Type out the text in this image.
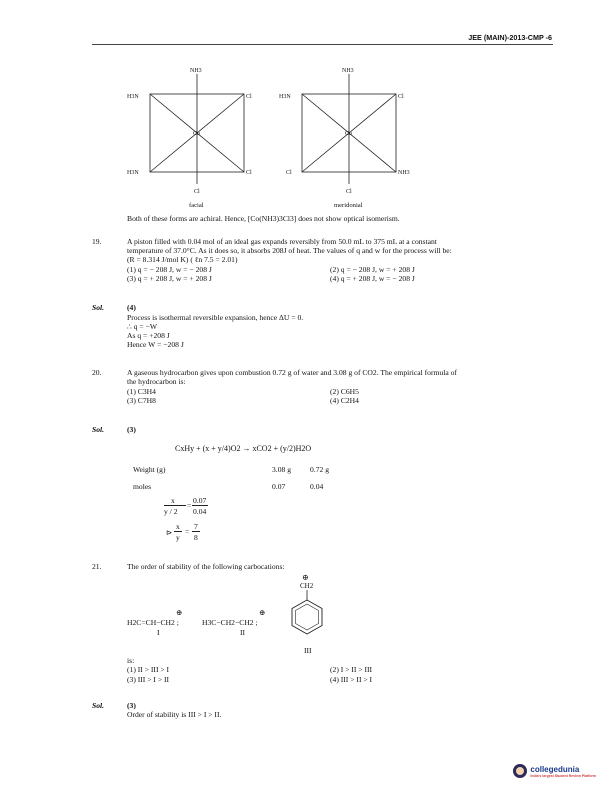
JEE (MAIN)-2013-CMP -6
NH3
H3N	Cl
Co
H3N	Cl
Cl
facial
NH3
H3N	Cl
Co
Cl	NH3
Cl
meridonial
Both of these forms are achiral. Hence, [Co(NH3)3Cl3] does not show optical isomerism.
19.	A piston filled with 0.04 mol of an ideal gas expands reversibly from 50.0 mL to 375 mL at a constant
temperature of 37.0°C. As it does so, it absorbs 208J of heat. The values of q and w for the process will be:
(R = 8.314 J/mol K) ( ℓn 7.5 = 2.01)
(1) q = − 208 J, w = − 208 J	(2) q = − 208 J, w = + 208 J
(3) q = + 208 J, w = + 208 J	(4) q = + 208 J, w = − 208 J
Sol.	(4)
Process is isothermal reversible expansion, hence ΔU = 0.
∴ q = −W
As q = +208 J
Hence W = −208 J
20.	A gaseous hydrocarbon gives upon combustion 0.72 g of water and 3.08 g of CO2. The empirical formula of
the hydrocarbon is:
(1) C3H4	(2) C6H5
(3) C7H8	(4) C2H4
Sol.	(3)
CxHy + (x + y/4)O2 → xCO2 + (y/2)H2O
Weight (g)	3.08 g	0.72 g
moles	0.07	0.04
x
y / 2
=
0.07
0.04
⊳
x
y
=
7
8
21.	The order of stability of the following carbocations:
H2C=CH−CH2 ;
⊕
I
H3C−CH2−CH2 ;
⊕
II
⊕
CH2
III
is:
(1) II > III > I	(2) I > II > III
(3) III > I > II	(4) III > II > I
Sol.	(3)
Order of stability is III > I > II.
collegedunia
India's largest Student Review Platform
